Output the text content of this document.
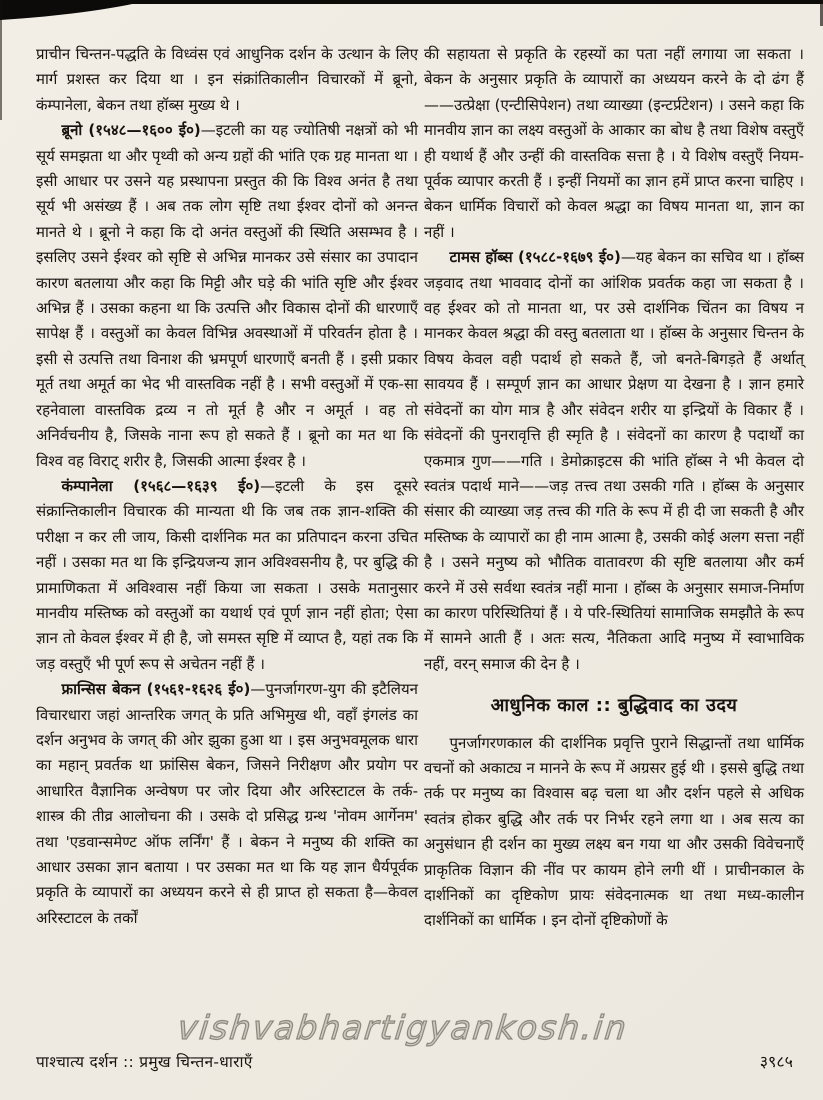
प्राचीन चिन्तन-पद्धति के विध्वंस एवं आधुनिक दर्शन के उत्थान के लिए मार्ग प्रशस्त कर दिया था । इन संक्रांतिकालीन विचारकों में ब्रूनो, कंम्पानेला, बेकन तथा हॉब्स मुख्य थे ।

ब्रूनो (१५४८—१६०० ई०)—इटली का यह ज्योतिषी नक्षत्रों को भी सूर्य समझता था और पृथ्वी को अन्य ग्रहों की भांति एक ग्रह मानता था । इसी आधार पर उसने यह प्रस्थापना प्रस्तुत की कि विश्व अनंत है तथा सूर्य भी असंख्य हैं । अब तक लोग सृष्टि तथा ईश्वर दोनों को अनन्त मानते थे । ब्रूनो ने कहा कि दो अनंत वस्तुओं की स्थिति असम्भव है । इसलिए उसने ईश्वर को सृष्टि से अभिन्न मानकर उसे संसार का उपादान कारण बतलाया और कहा कि मिट्टी और घड़े की भांति सृष्टि और ईश्वर अभिन्न हैं । उसका कहना था कि उत्पत्ति और विकास दोनों की धारणाएँ सापेक्ष हैं । वस्तुओं का केवल विभिन्न अवस्थाओं में परिवर्तन होता है । इसी से उत्पत्ति तथा विनाश की भ्रमपूर्ण धारणाएँ बनती हैं । इसी प्रकार मूर्त तथा अमूर्त का भेद भी वास्तविक नहीं है । सभी वस्तुओं में एक-सा रहनेवाला वास्तविक द्रव्य न तो मूर्त है और न अमूर्त । वह तो अनिर्वचनीय है, जिसके नाना रूप हो सकते हैं । ब्रूनो का मत था कि विश्व वह विराट् शरीर है, जिसकी आत्मा ईश्वर है ।

कंम्पानेला (१५६८—१६३९ ई०)—इटली के इस दूसरे संक्रान्तिकालीन विचारक की मान्यता थी कि जब तक ज्ञान-शक्ति की परीक्षा न कर ली जाय, किसी दार्शनिक मत का प्रतिपादन करना उचित नहीं । उसका मत था कि इन्द्रियजन्य ज्ञान अविश्वसनीय है, पर बुद्धि की प्रामाणिकता में अविश्वास नहीं किया जा सकता । उसके मतानुसार मानवीय मस्तिष्क को वस्तुओं का यथार्थ एवं पूर्ण ज्ञान नहीं होता; ऐसा ज्ञान तो केवल ईश्वर में ही है, जो समस्त सृष्टि में व्याप्त है, यहां तक कि जड़ वस्तुएँ भी पूर्ण रूप से अचेतन नहीं हैं ।

फ्रान्सिस बेकन (१५६१-१६२६ ई०)—पुनर्जागरण-युग की इटैलियन विचारधारा जहां आन्तरिक जगत् के प्रति अभिमुख थी, वहाँ इंगलंड का दर्शन अनुभव के जगत् की ओर झुका हुआ था । इस अनुभवमूलक धारा का महान् प्रवर्तक था फ्रांसिस बेकन, जिसने निरीक्षण और प्रयोग पर आधारित वैज्ञानिक अन्वेषण पर जोर दिया और अरिस्टाटल के तर्क-शास्त्र की तीव्र आलोचना की । उसके दो प्रसिद्ध ग्रन्थ 'नोवम आर्गेनम' तथा 'एडवान्समेण्ट ऑफ लर्निंग' हैं । बेकन ने मनुष्य की शक्ति का आधार उसका ज्ञान बताया । पर उसका मत था कि यह ज्ञान धैर्यपूर्वक प्रकृति के व्यापारों का अध्ययन करने से ही प्राप्त हो सकता है—केवल अरिस्टाटल के तर्कों

की सहायता से प्रकृति के रहस्यों का पता नहीं लगाया जा सकता । बेकन के अनुसार प्रकृति के व्यापारों का अध्ययन करने के दो ढंग हैं——उत्प्रेक्षा (एन्टीसिपेशन) तथा व्याख्या (इन्टर्प्रटेशन) । उसने कहा कि मानवीय ज्ञान का लक्ष्य वस्तुओं के आकार का बोध है तथा विशेष वस्तुएँ ही यथार्थ हैं और उन्हीं की वास्तविक सत्ता है । ये विशेष वस्तुएँ नियम-पूर्वक व्यापार करती हैं । इन्हीं नियमों का ज्ञान हमें प्राप्त करना चाहिए । बेकन धार्मिक विचारों को केवल श्रद्धा का विषय मानता था, ज्ञान का नहीं ।

टामस हॉब्स (१५८८-१६७९ ई०)—यह बेकन का सचिव था । हॉब्स जड़वाद तथा भाववाद दोनों का आंशिक प्रवर्तक कहा जा सकता है । वह ईश्वर को तो मानता था, पर उसे दार्शनिक चिंतन का विषय न मानकर केवल श्रद्धा की वस्तु बतलाता था । हॉब्स के अनुसार चिन्तन के विषय केवल वही पदार्थ हो सकते हैं, जो बनते-बिगड़ते हैं अर्थात् सावयव हैं । सम्पूर्ण ज्ञान का आधार प्रेक्षण या देखना है । ज्ञान हमारे संवेदनों का योग मात्र है और संवेदन शरीर या इन्द्रियों के विकार हैं । संवेदनों की पुनरावृत्ति ही स्मृति है । संवेदनों का कारण है पदार्थों का एकमात्र गुण——गति । डेमोक्राइटस की भांति हॉब्स ने भी केवल दो स्वतंत्र पदार्थ माने——जड़ तत्त्व तथा उसकी गति । हॉब्स के अनुसार संसार की व्याख्या जड़ तत्त्व की गति के रूप में ही दी जा सकती है और मस्तिष्क के व्यापारों का ही नाम आत्मा है, उसकी कोई अलग सत्ता नहीं है । उसने मनुष्य को भौतिक वातावरण की सृष्टि बतलाया और कर्म करने में उसे सर्वथा स्वतंत्र नहीं माना । हॉब्स के अनुसार समाज-निर्माण का कारण परिस्थितियां हैं । ये परि-स्थितियां सामाजिक समझौते के रूप में सामने आती हैं । अतः सत्य, नैतिकता आदि मनुष्य में स्वाभाविक नहीं, वरन् समाज की देन है ।

आधुनिक काल :: बुद्धिवाद का उदय

पुनर्जागरणकाल की दार्शनिक प्रवृत्ति पुराने सिद्धान्तों तथा धार्मिक वचनों को अकाट्य न मानने के रूप में अग्रसर हुई थी । इससे बुद्धि तथा तर्क पर मनुष्य का विश्वास बढ़ चला था और दर्शन पहले से अधिक स्वतंत्र होकर बुद्धि और तर्क पर निर्भर रहने लगा था । अब सत्य का अनुसंधान ही दर्शन का मुख्य लक्ष्य बन गया था और उसकी विवेचनाएँ प्राकृतिक विज्ञान की नींव पर कायम होने लगी थीं । प्राचीनकाल के दार्शनिकों का दृष्टिकोण प्रायः संवेदनात्मक था तथा मध्य-कालीन दार्शनिकों का धार्मिक । इन दोनों दृष्टिकोणों के

vishvabhartigyankosh.in
पाश्चात्य दर्शन :: प्रमुख चिन्तन-धाराएँ	३९८५
